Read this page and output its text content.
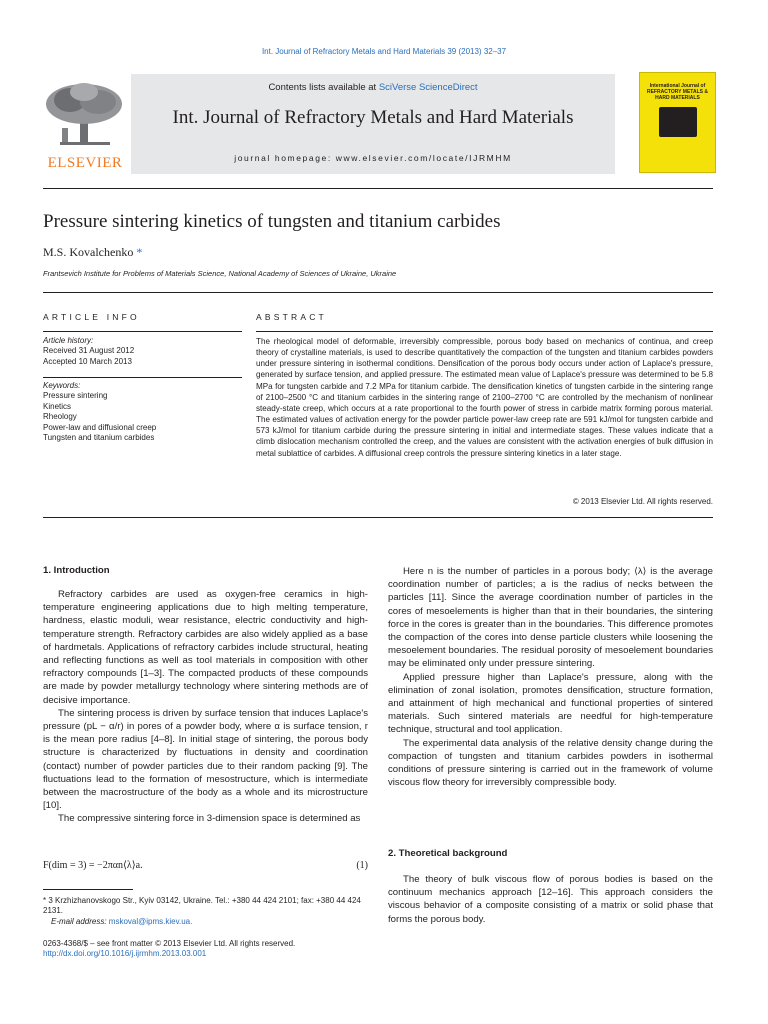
Int. Journal of Refractory Metals and Hard Materials 39 (2013) 32–37
ELSEVIER
Contents lists available at SciVerse ScienceDirect
Int. Journal of Refractory Metals and Hard Materials
journal homepage: www.elsevier.com/locate/IJRMHM
International Journal of REFRACTORY METALS & HARD MATERIALS
Pressure sintering kinetics of tungsten and titanium carbides
M.S. Kovalchenko *
Frantsevich Institute for Problems of Materials Science, National Academy of Sciences of Ukraine, Ukraine
ARTICLE INFO
Article history:
Received 31 August 2012
Accepted 10 March 2013
Keywords:
Pressure sintering
Kinetics
Rheology
Power-law and diffusional creep
Tungsten and titanium carbides
ABSTRACT
The rheological model of deformable, irreversibly compressible, porous body based on mechanics of continua, and creep theory of crystalline materials, is used to describe quantitatively the compaction of the tungsten and titanium carbides powders under pressure sintering in isothermal conditions. Densification of the porous body occurs under action of Laplace's pressure, generated by surface tension, and applied pressure. The estimated mean value of Laplace's pressure was determined to be 5.8 MPa for tungsten carbide and 7.2 MPa for titanium carbide. The densification kinetics of tungsten carbide in the sintering range of 2100–2500 °C and titanium carbides in the sintering range of 2100–2700 °C are controlled by the mechanism of nonlinear steady-state creep, which occurs at a rate proportional to the fourth power of stress in carbide matrix forming porous material. The estimated values of activation energy for the powder particle power-law creep rate are 591 kJ/mol for tungsten carbide and 573 kJ/mol for titanium carbide during the pressure sintering in initial and intermediate stages. These values indicate that a climb dislocation mechanism controlled the creep, and the values are consistent with the activation energies of bulk diffusion in metal sublattice of carbides. A diffusional creep controls the pressure sintering kinetics in a later stage.
© 2013 Elsevier Ltd. All rights reserved.
1. Introduction

Refractory carbides are used as oxygen-free ceramics in high-temperature engineering applications due to high melting temperature, hardness, elastic moduli, wear resistance, electric conductivity and high-temperature strength. Refractory carbides are also widely applied as a base of hardmetals. Applications of refractory carbides include structural, heating and reflecting functions as well as tool materials in composition with other refractory compounds [1–3]. The compacted products of these compounds are made by powder metallurgy technology where sintering methods are of decisive importance.

The sintering process is driven by surface tension that induces Laplace's pressure (pL − α/r) in pores of a powder body, where α is surface tension, r is the mean pore radius [4–8]. In initial stage of sintering, the porous body structure is characterized by fluctuations in density and coordination (contact) number of powder particles due to their random packing [9]. The fluctuations lead to the formation of mesostructure, which is intermediate between the macrostructure of the body as a whole and its microstructure [10].

The compressive sintering force in 3-dimension space is determined as

F(dim = 3) = −2παn⟨λ⟩a.	(1)
* 3 Krzhizhanovskogo Str., Kyiv 03142, Ukraine. Tel.: +380 44 424 2101; fax: +380 44 424 2131.
E-mail address: mskoval@ipms.kiev.ua.
0263-4368/$ – see front matter © 2013 Elsevier Ltd. All rights reserved.
http://dx.doi.org/10.1016/j.ijrmhm.2013.03.001

Here n is the number of particles in a porous body; ⟨λ⟩ is the average coordination number of particles; a is the radius of necks between the particles [11]. Since the average coordination number of particles in the cores of mesoelements is higher than that in their boundaries, the sintering force in the cores is greater than in the boundaries. This difference promotes the compaction of the cores into dense particle clusters while loosening the mesoelement boundaries. The residual porosity of mesoelement boundaries may be eliminated only under pressure sintering.

Applied pressure higher than Laplace's pressure, along with the elimination of zonal isolation, promotes densification, structure formation, and attainment of high mechanical and functional properties of sintered materials. Such sintered materials are needful for high-temperature technique, structural and tool application.

The experimental data analysis of the relative density change during the compaction of tungsten and titanium carbides powders in isothermal conditions of pressure sintering is carried out in the framework of volume viscous flow theory for irreversibly compressible body.

2. Theoretical background

The theory of bulk viscous flow of porous bodies is based on the continuum mechanics approach [12–16]. This approach considers the viscous behavior of a composite consisting of a matrix or solid phase that forms the porous body.
